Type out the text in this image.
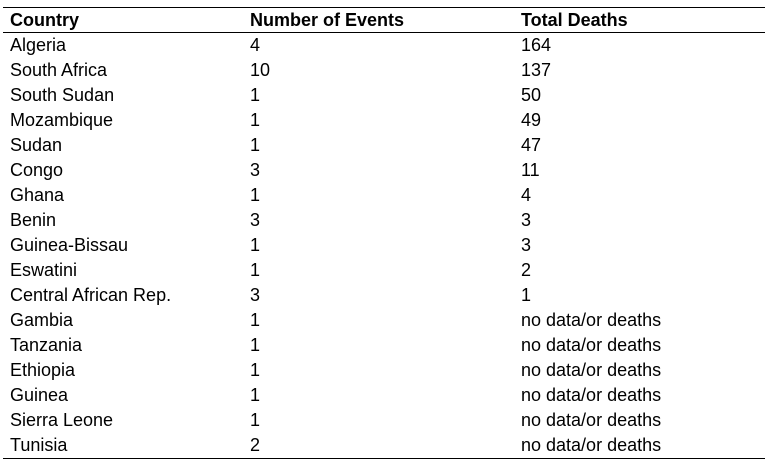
Country	Number of Events	Total Deaths
Algeria	4	164
South Africa	10	137
South Sudan	1	50
Mozambique	1	49
Sudan	1	47
Congo	3	11
Ghana	1	4
Benin	3	3
Guinea-Bissau	1	3
Eswatini	1	2
Central African Rep.	3	1
Gambia	1	no data/or deaths
Tanzania	1	no data/or deaths
Ethiopia	1	no data/or deaths
Guinea	1	no data/or deaths
Sierra Leone	1	no data/or deaths
Tunisia	2	no data/or deaths
